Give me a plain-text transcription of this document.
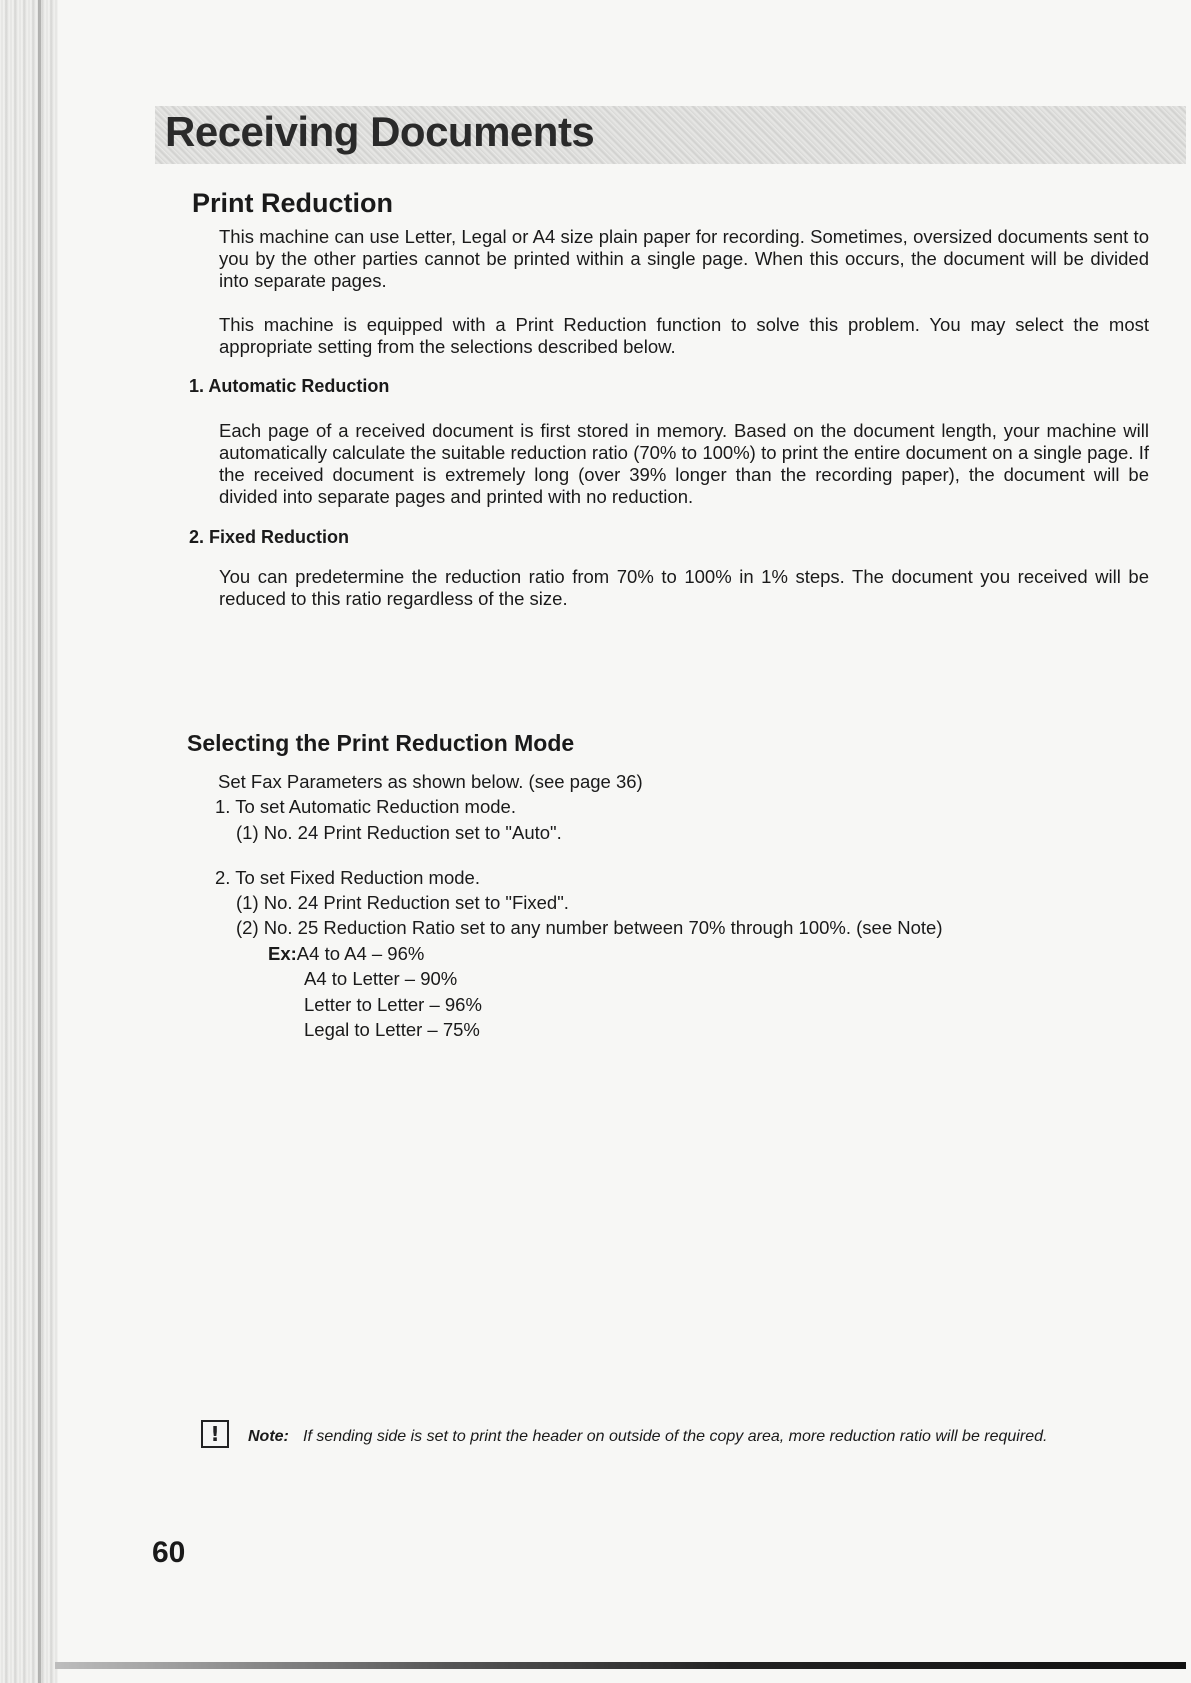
Receiving Documents
Print Reduction

This machine can use Letter, Legal or A4 size plain paper for recording. Sometimes, oversized documents sent to you by the other parties cannot be printed within a single page. When this occurs, the document will be divided into separate pages.

This machine is equipped with a Print Reduction function to solve this problem. You may select the most appropriate setting from the selections described below.

1. Automatic Reduction

Each page of a received document is first stored in memory. Based on the document length, your machine will automatically calculate the suitable reduction ratio (70% to 100%) to print the entire document on a single page. If the received document is extremely long (over 39% longer than the recording paper), the document will be divided into separate pages and printed with no reduction.

2. Fixed Reduction

You can predetermine the reduction ratio from 70% to 100% in 1% steps. The document you received will be reduced to this ratio regardless of the size.

Selecting the Print Reduction Mode

Set Fax Parameters as shown below. (see page 36)

1. To set Automatic Reduction mode.

(1) No. 24 Print Reduction set to "Auto".

2. To set Fixed Reduction mode.

(1) No. 24 Print Reduction set to "Fixed".

(2) No. 25 Reduction Ratio set to any number between 70% through 100%. (see Note)

Ex:A4 to A4 – 96%

A4 to Letter – 90%

Letter to Letter – 96%

Legal to Letter – 75%

!	Note: If sending side is set to print the header on outside of the copy area, more reduction ratio will be required.

60
